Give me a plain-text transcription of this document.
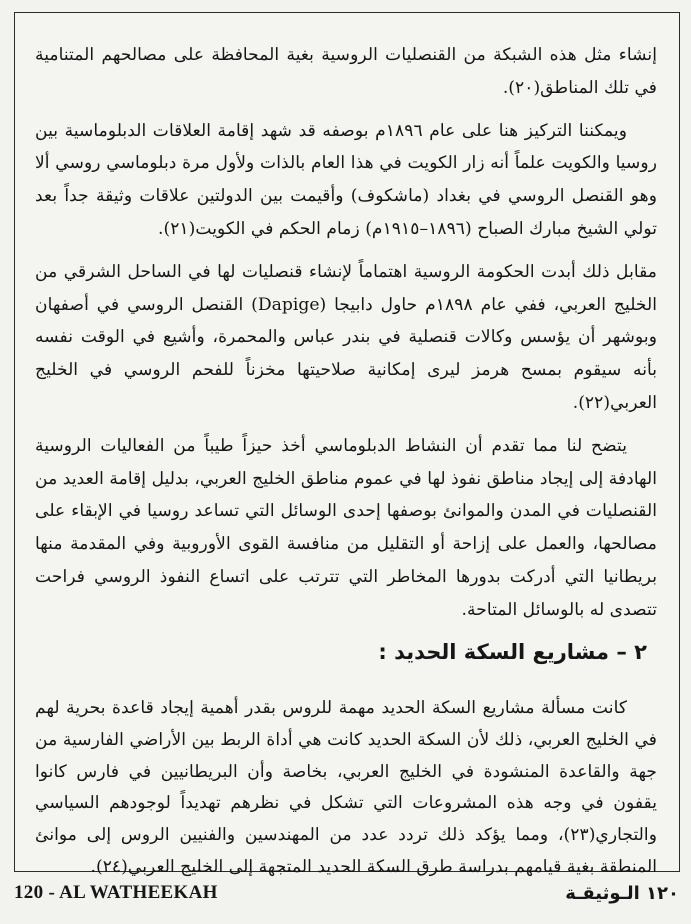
إنشاء مثل هذه الشبكة من القنصليات الروسية بغية المحافظة على مصالحهم المتنامية في تلك المناطق(٢٠).

ويمكننا التركيز هنا على عام ١٨٩٦م بوصفه قد شهد إقامة العلاقات الدبلوماسية بين روسيا والكويت علماً أنه زار الكويت في هذا العام بالذات ولأول مرة دبلوماسي روسي ألا وهو القنصل الروسي في بغداد (ماشكوف) وأقيمت بين الدولتين علاقات وثيقة جداً بعد تولي الشيخ مبارك الصباح (١٨٩٦–١٩١٥م) زمام الحكم في الكويت(٢١).

مقابل ذلك أبدت الحكومة الروسية اهتماماً لإنشاء قنصليات لها في الساحل الشرقي من الخليج العربي، ففي عام ١٨٩٨م حاول دابيجا (Dapige) القنصل الروسي في أصفهان وبوشهر أن يؤسس وكالات قنصلية في بندر عباس والمحمرة، وأشيع في الوقت نفسه بأنه سيقوم بمسح هرمز ليرى إمكانية صلاحيتها مخزناً للفحم الروسي في الخليج العربي(٢٢).

يتضح لنا مما تقدم أن النشاط الدبلوماسي أخذ حيزاً طيباً من الفعاليات الروسية الهادفة إلى إيجاد مناطق نفوذ لها في عموم مناطق الخليج العربي، بدليل إقامة العديد من القنصليات في المدن والموانئ بوصفها إحدى الوسائل التي تساعد روسيا في الإبقاء على مصالحها، والعمل على إزاحة أو التقليل من منافسة القوى الأوروبية وفي المقدمة منها بريطانيا التي أدركت بدورها المخاطر التي تترتب على اتساع النفوذ الروسي فراحت تتصدى له بالوسائل المتاحة.

٢ – مشاريع السكة الحديد :

كانت مسألة مشاريع السكة الحديد مهمة للروس بقدر أهمية إيجاد قاعدة بحرية لهم في الخليج العربي، ذلك لأن السكة الحديد كانت هي أداة الربط بين الأراضي الفارسية من جهة والقاعدة المنشودة في الخليج العربي، بخاصة وأن البريطانيين في فارس كانوا يقفون في وجه هذه المشروعات التي تشكل في نظرهم تهديداً لوجودهم السياسي والتجاري(٢٣)، ومما يؤكد ذلك تردد عدد من المهندسين والفنيين الروس إلى موانئ المنطقة بغية قيامهم بدراسة طرق السكة الحديد المتجهة إلى الخليج العربي(٢٤).

120 - AL WATHEEKAH	١٢٠ الـوثيقـة
